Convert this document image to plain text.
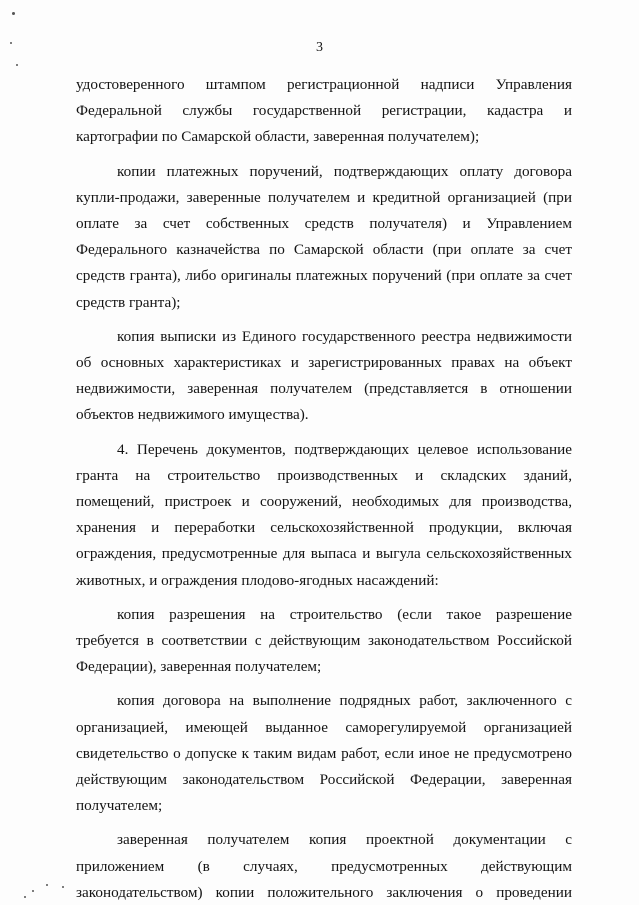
3

удостоверенного штампом регистрационной надписи Управления Федеральной службы государственной регистрации, кадастра и картографии по Самарской области, заверенная получателем);

копии платежных поручений, подтверждающих оплату договора купли-продажи, заверенные получателем и кредитной организацией (при оплате за счет собственных средств получателя) и Управлением Федерального казначейства по Самарской области (при оплате за счет средств гранта), либо оригиналы платежных поручений (при оплате за счет средств гранта);

копия выписки из Единого государственного реестра недвижимости об основных характеристиках и зарегистрированных правах на объект недвижимости, заверенная получателем (представляется в отношении объектов недвижимого имущества).

4. Перечень документов, подтверждающих целевое использование гранта на строительство производственных и складских зданий, помещений, пристроек и сооружений, необходимых для производства, хранения и переработки сельскохозяйственной продукции, включая ограждения, предусмотренные для выпаса и выгула сельскохозяйственных животных, и ограждения плодово-ягодных насаждений:

копия разрешения на строительство (если такое разрешение требуется в соответствии с действующим законодательством Российской Федерации), заверенная получателем;

копия договора на выполнение подрядных работ, заключенного с организацией, имеющей выданное саморегулируемой организацией свидетельство о допуске к таким видам работ, если иное не предусмотрено действующим законодательством Российской Федерации, заверенная получателем;

заверенная получателем копия проектной документации с приложением (в случаях, предусмотренных действующим законодательством) копии положительного заключения о проведении
